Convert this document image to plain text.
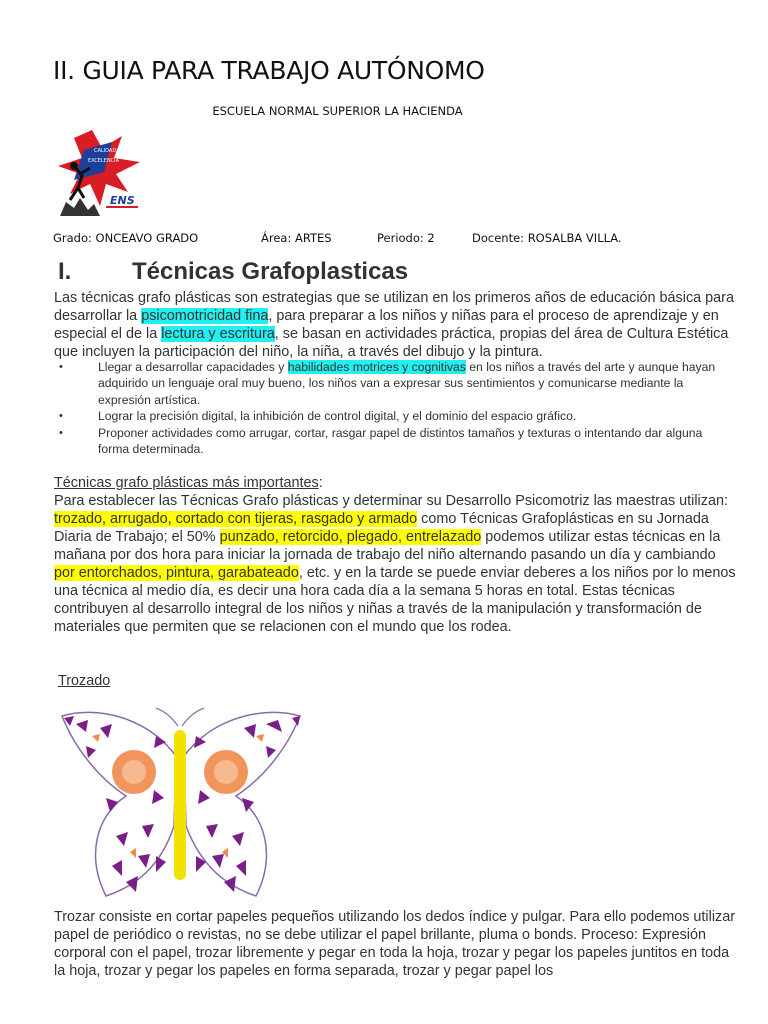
II. GUIA PARA TRABAJO AUTÓNOMO
ESCUELA NORMAL SUPERIOR LA HACIENDA
CALIDAD
EXCELENCIA
ENS
Grado: ONCEAVO GRADO	Área: ARTES	Periodo: 2	Docente: ROSALBA VILLA.
I.	Técnicas Grafoplasticas
Las técnicas grafo plásticas son estrategias que se utilizan en los primeros años de educación básica para desarrollar la psicomotricidad fina, para preparar a los niños y niñas para el proceso de aprendizaje y en especial el de la lectura y escritura, se basan en actividades práctica, propias del área de Cultura Estética que incluyen la participación del niño, la niña, a través del dibujo y la pintura.
•	Llegar a desarrollar capacidades y habilidades motrices y cognitivas en los niños a través del arte y aunque hayan adquirido un lenguaje oral muy bueno, los niños van a expresar sus sentimientos y comunicarse mediante la expresión artística.
•	Lograr la precisión digital, la inhibición de control digital, y el dominio del espacio gráfico.
•	Proponer actividades como arrugar, cortar, rasgar papel de distintos tamaños y texturas o intentando dar alguna forma determinada.
Técnicas grafo plásticas más importantes:
Para establecer las Técnicas Grafo plásticas y determinar su Desarrollo Psicomotriz las maestras utilizan: trozado, arrugado, cortado con tijeras, rasgado y armado como Técnicas Grafoplásticas en su Jornada Diaria de Trabajo; el 50% punzado, retorcido, plegado, entrelazado podemos utilizar estas técnicas en la mañana por dos hora para iniciar la jornada de trabajo del niño alternando pasando un día y cambiando por entorchados, pintura, garabateado, etc. y en la tarde se puede enviar deberes a los niños por lo menos una técnica al medio día, es decir una hora cada día a la semana 5 horas en total. Estas técnicas contribuyen al desarrollo integral de los niños y niñas a través de la manipulación y transformación de materiales que permiten que se relacionen con el mundo que los rodea.
Trozado
Trozar consiste en cortar papeles pequeños utilizando los dedos índice y pulgar. Para ello podemos utilizar papel de periódico o revistas, no se debe utilizar el papel brillante, pluma o bonds. Proceso: Expresión corporal con el papel, trozar libremente y pegar en toda la hoja, trozar y pegar los papeles juntitos en toda la hoja, trozar y pegar los papeles en forma separada, trozar y pegar papel los
